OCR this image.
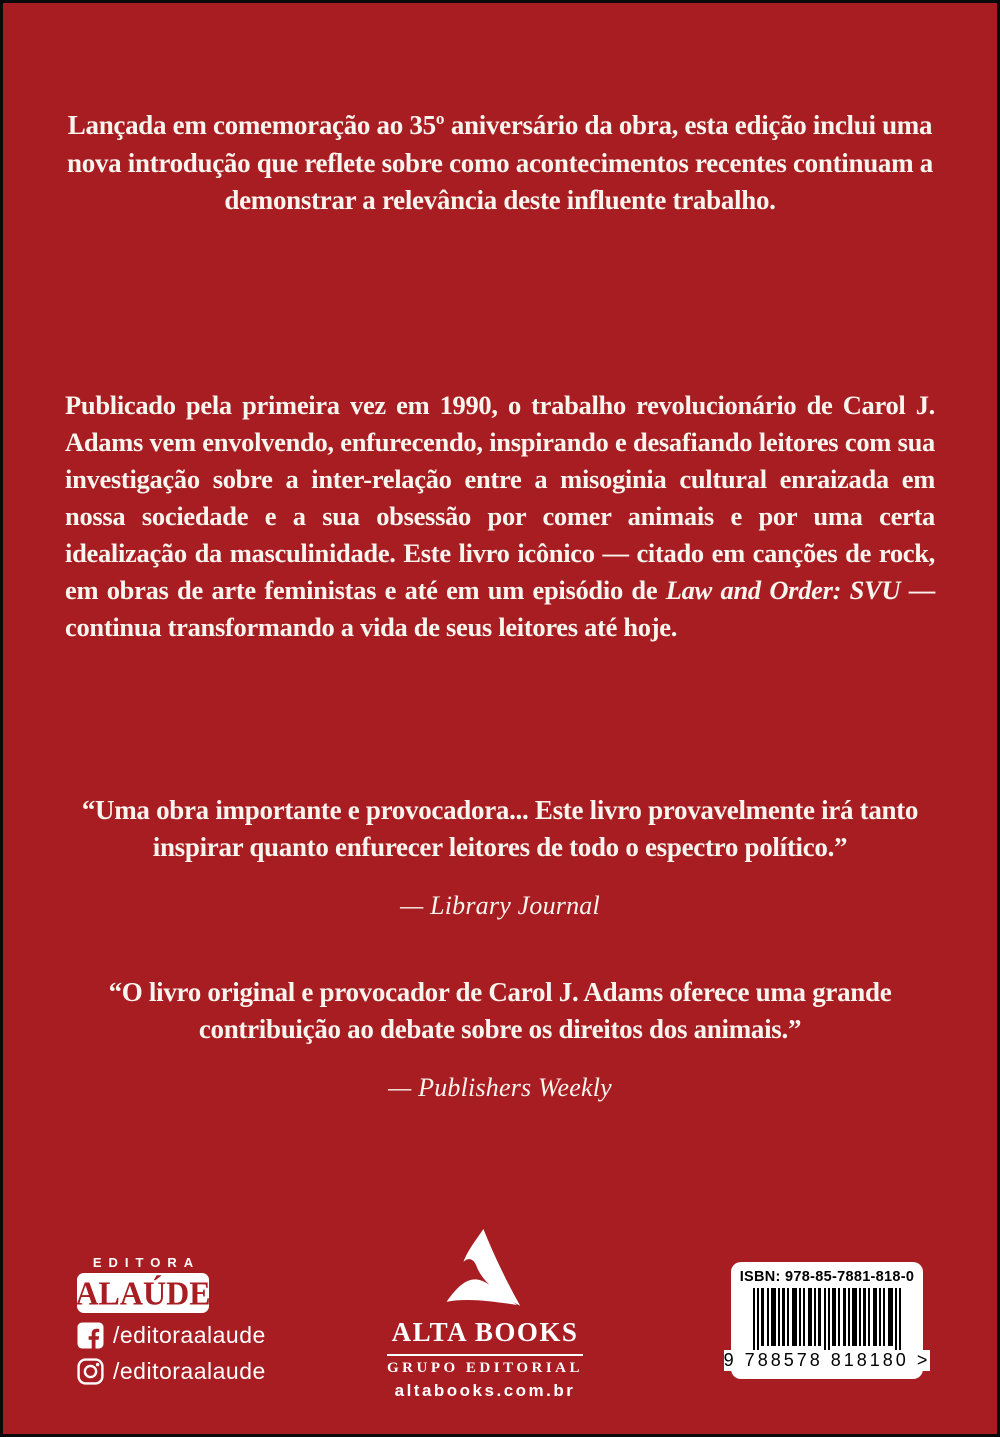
Lançada em comemoração ao 35º aniversário da obra, esta edição inclui uma nova introdução que reflete sobre como acontecimentos recentes continuam a demonstrar a relevância deste influente trabalho.

Publicado pela primeira vez em 1990, o trabalho revolucionário de Carol J. Adams vem envolvendo, enfurecendo, inspirando e desafiando leitores com sua investigação sobre a inter-relação entre a misoginia cultural enraizada em nossa sociedade e a sua obsessão por comer animais e por uma certa idealização da masculinidade. Este livro icônico — citado em canções de rock, em obras de arte feministas e até em um episódio de Law and Order: SVU — continua transformando a vida de seus leitores até hoje.

“Uma obra importante e provocadora... Este livro provavelmente irá tanto inspirar quanto enfurecer leitores de todo o espectro político.”

— Library Journal

“O livro original e provocador de Carol J. Adams oferece uma grande contribuição ao debate sobre os direitos dos animais.”

— Publishers Weekly

EDITORA
ALAÚDE
/editoraalaude
/editoraalaude
ALTA BOOKS
GRUPO EDITORIAL
altabooks.com.br
ISBN: 978-85-7881-818-0
9 788578 818180 >
